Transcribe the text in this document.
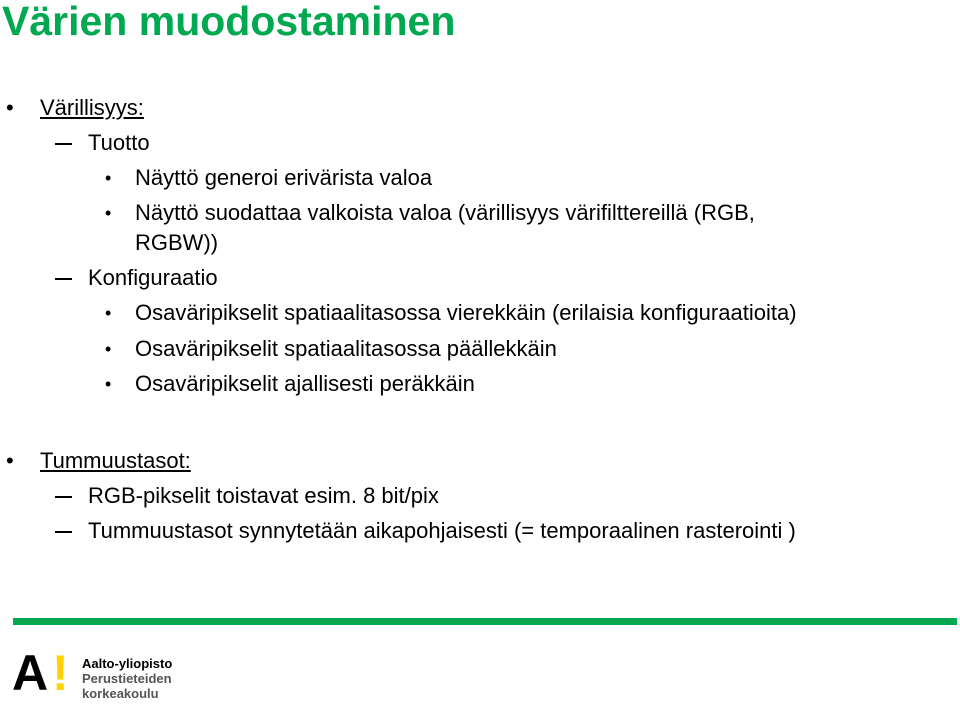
Värien muodostaminen
• Värillisyys:
Tuotto
• Näyttö generoi erivärista valoa
• Näyttö suodattaa valkoista valoa (värillisyys värifilttereillä (RGB,
RGBW))
Konfiguraatio
• Osaväripikselit spatiaalitasossa vierekkäin (erilaisia konfiguraatioita)
• Osaväripikselit spatiaalitasossa päällekkäin
• Osaväripikselit ajallisesti peräkkäin
• Tummuustasot:
RGB-pikselit toistavat esim. 8 bit/pix
Tummuustasot synnytetään aikapohjaisesti (= temporaalinen rasterointi )
A ! Aalto-yliopisto
Perustieteiden
korkeakoulu
